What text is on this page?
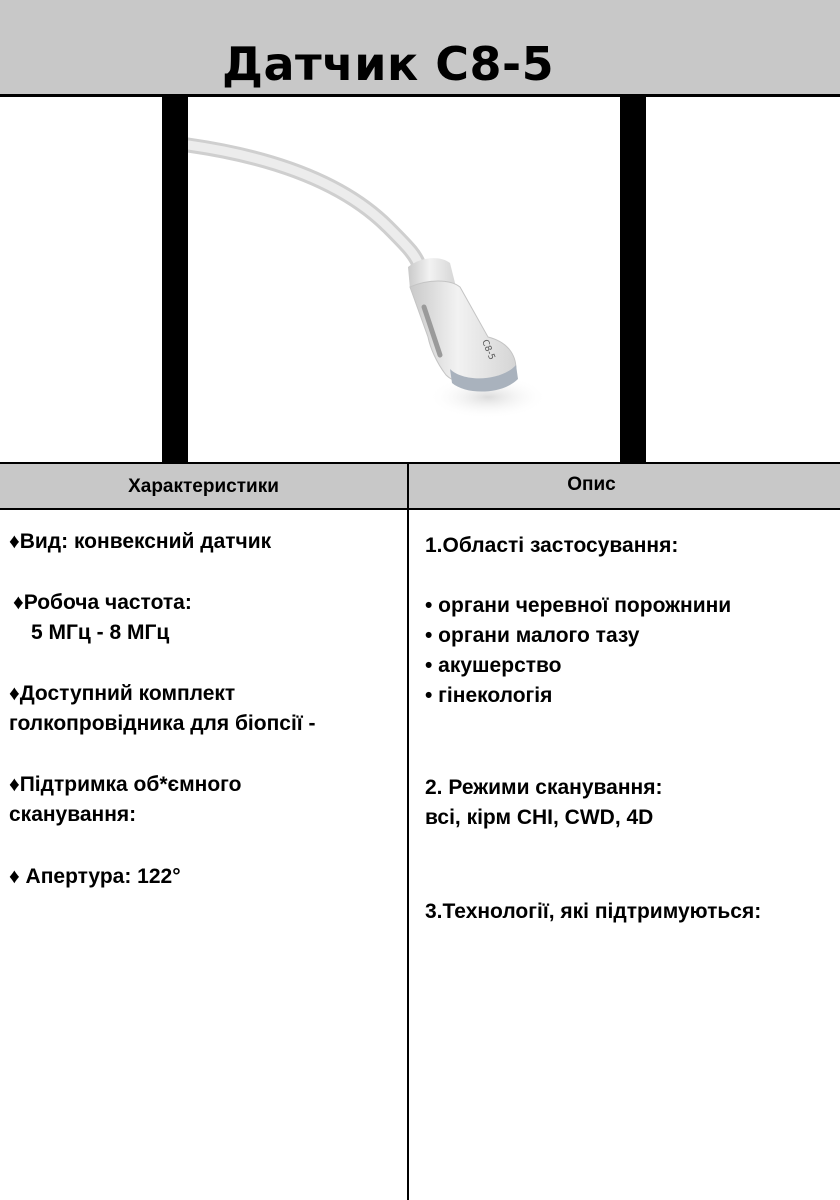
Датчик С8-5
C8-5
Характеристики	Опис
♦Вид: конвексний датчик
♦Робоча частота:
5 МГц - 8 МГц
♦Доступний комплект
голкопровідника для біопсії -
♦Підтримка об*ємного
сканування:
♦ Апертура: 122°
1.Області застосування:
• органи черевної порожнини
• органи малого тазу
• акушерство
• гінекологія
2. Режими сканування:
всі, кірм CHI, CWD, 4D
3.Технології, які підтримуються:
